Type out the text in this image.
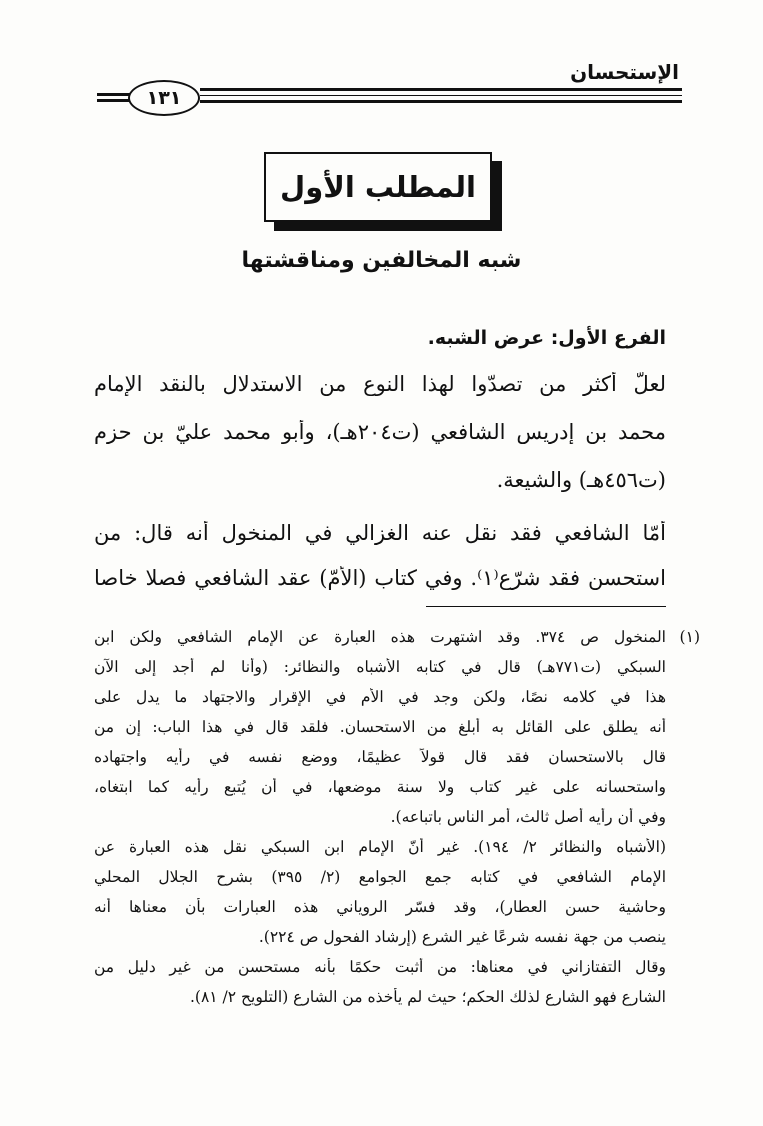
الإستحسان
١٣١
المطلب الأول
شبه المخالفين ومناقشتها
الفرع الأول: عرض الشبه.
لعلّ أكثر من تصدّوا لهذا النوع من الاستدلال بالنقد الإمام
محمد بن إدريس الشافعي (ت٢٠٤هـ)، وأبو محمد عليّ بن حزم
(ت٤٥٦هـ) والشيعة.
أمّا الشافعي فقد نقل عنه الغزالي في المنخول أنه قال: من
استحسن فقد شرّع⁽١⁾. وفي كتاب (الأمّ) عقد الشافعي فصلا خاصا
(١)
المنخول ص ٣٧٤. وقد اشتهرت هذه العبارة عن الإمام الشافعي ولكن ابن
السبكي (ت٧٧١هـ) قال في كتابه الأشباه والنظائر: (وأنا لم أجد إلى الآن
هذا في كلامه نصًا، ولكن وجد في الأم في الإقرار والاجتهاد ما يدل على
أنه يطلق على القائل به أبلغ من الاستحسان. فلقد قال في هذا الباب: إن من
قال بالاستحسان فقد قال قولاً عظيمًا، ووضع نفسه في رأيه واجتهاده
واستحسانه على غير كتاب ولا سنة موضعها، في أن يُتبع رأيه كما ابتغاه،
وفي أن رأيه أصل ثالث، أمر الناس باتباعه).
(الأشباه والنظائر ٢/ ١٩٤). غير أنّ الإمام ابن السبكي نقل هذه العبارة عن
الإمام الشافعي في كتابه جمع الجوامع (٢/ ٣٩٥) بشرح الجلال المحلي
وحاشية حسن العطار)، وقد فسّر الروياني هذه العبارات بأن معناها أنه
ينصب من جهة نفسه شرعًا غير الشرع (إرشاد الفحول ص ٢٢٤).
وقال التفتازاني في معناها: من أثبت حكمًا بأنه مستحسن من غير دليل من
الشارع فهو الشارع لذلك الحكم؛ حيث لم يأخذه من الشارع (التلويح ٢/ ٨١).
